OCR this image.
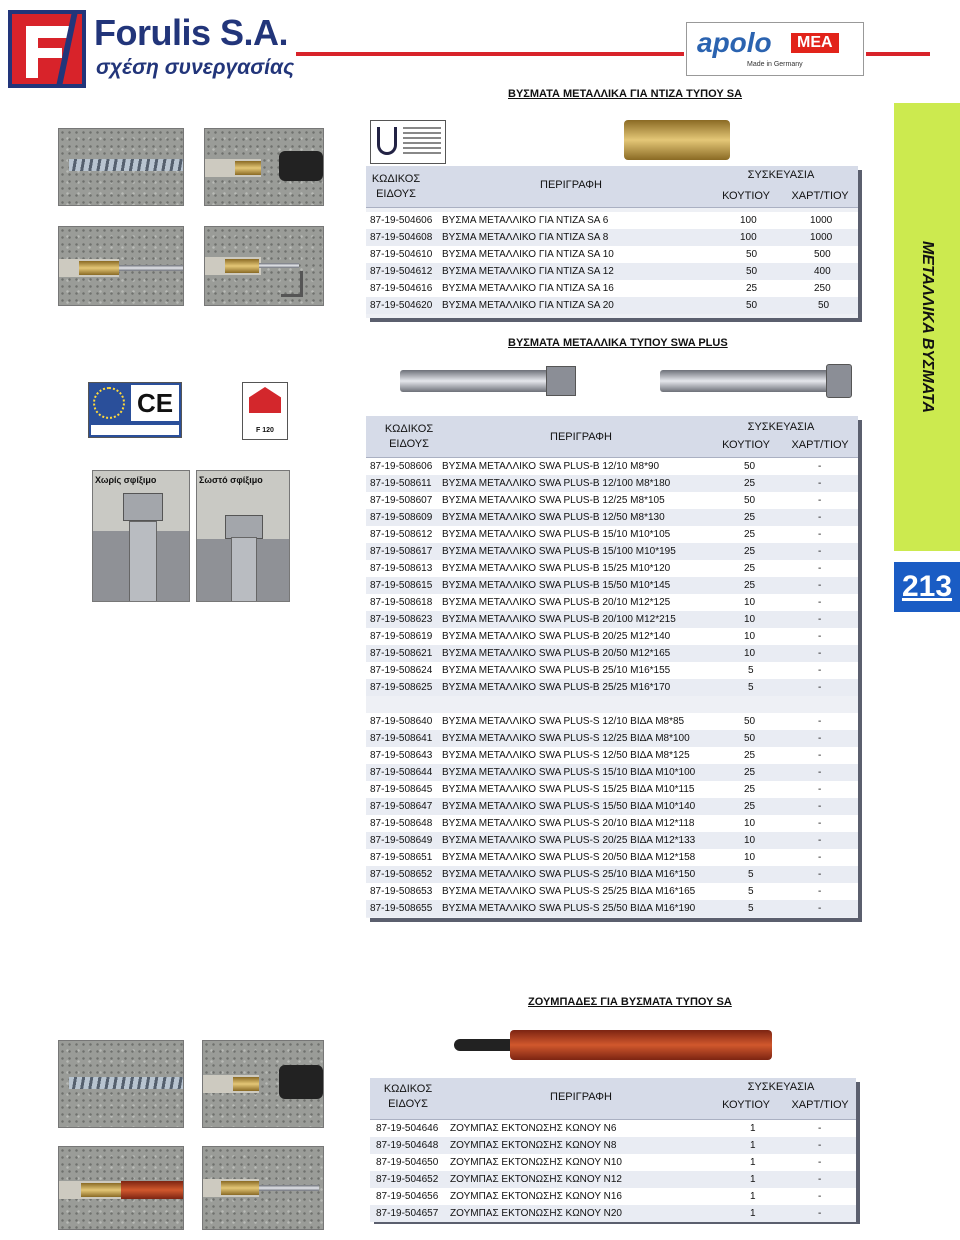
Forulis S.A.
σχέση συνεργασίας
apolo	MEA
Made in Germany
ΜΕΤΑΛΛΙΚΑ ΒΥΣΜΑΤΑ
213
ΒΥΣΜΑΤΑ ΜΕΤΑΛΛΙΚΑ ΓΙΑ ΝΤΙΖΑ ΤΥΠΟΥ SA
ΚΩΔΙΚΟΣ ΕΙΔΟΥΣ
ΠΕΡΙΓΡΑΦΗ
ΣΥΣΚΕΥΑΣΙΑ
ΚΟΥΤΙΟΥ	ΧΑΡΤ/ΤΙΟΥ
87-19-504606 ΒΥΣΜΑ ΜΕΤΑΛΛΙΚΟ ΓΙΑ ΝΤΙΖΑ SA 6	100	1000
87-19-504608 ΒΥΣΜΑ ΜΕΤΑΛΛΙΚΟ ΓΙΑ ΝΤΙΖΑ SA 8	100	1000
87-19-504610 ΒΥΣΜΑ ΜΕΤΑΛΛΙΚΟ ΓΙΑ ΝΤΙΖΑ SA 10	50	500
87-19-504612 ΒΥΣΜΑ ΜΕΤΑΛΛΙΚΟ ΓΙΑ ΝΤΙΖΑ SA 12	50	400
87-19-504616 ΒΥΣΜΑ ΜΕΤΑΛΛΙΚΟ ΓΙΑ ΝΤΙΖΑ SA 16	25	250
87-19-504620 ΒΥΣΜΑ ΜΕΤΑΛΛΙΚΟ ΓΙΑ ΝΤΙΖΑ SA 20	50	50
ΒΥΣΜΑΤΑ ΜΕΤΑΛΛΙΚΑ ΤΥΠΟΥ SWA PLUS
CE
F 120
Χωρίς σφίξιμο	Σωστό σφίξιμο
ΚΩΔΙΚΟΣ ΕΙΔΟΥΣ
ΠΕΡΙΓΡΑΦΗ
ΣΥΣΚΕΥΑΣΙΑ
ΚΟΥΤΙΟΥ	ΧΑΡΤ/ΤΙΟΥ
87-19-508606 ΒΥΣΜΑ ΜΕΤΑΛΛΙΚΟ SWA PLUS-B 12/10 M8*90	50	-
87-19-508611 ΒΥΣΜΑ ΜΕΤΑΛΛΙΚΟ SWA PLUS-B 12/100 M8*180	25	-
87-19-508607 ΒΥΣΜΑ ΜΕΤΑΛΛΙΚΟ SWA PLUS-B 12/25 M8*105	50	-
87-19-508609 ΒΥΣΜΑ ΜΕΤΑΛΛΙΚΟ SWA PLUS-B 12/50 M8*130	25	-
87-19-508612 ΒΥΣΜΑ ΜΕΤΑΛΛΙΚΟ SWA PLUS-B 15/10 M10*105	25	-
87-19-508617 ΒΥΣΜΑ ΜΕΤΑΛΛΙΚΟ SWA PLUS-B 15/100 M10*195	25	-
87-19-508613 ΒΥΣΜΑ ΜΕΤΑΛΛΙΚΟ SWA PLUS-B 15/25 M10*120	25	-
87-19-508615 ΒΥΣΜΑ ΜΕΤΑΛΛΙΚΟ SWA PLUS-B 15/50 M10*145	25	-
87-19-508618 ΒΥΣΜΑ ΜΕΤΑΛΛΙΚΟ SWA PLUS-B 20/10 M12*125	10	-
87-19-508623 ΒΥΣΜΑ ΜΕΤΑΛΛΙΚΟ SWA PLUS-B 20/100 M12*215	10	-
87-19-508619 ΒΥΣΜΑ ΜΕΤΑΛΛΙΚΟ SWA PLUS-B 20/25 M12*140	10	-
87-19-508621 ΒΥΣΜΑ ΜΕΤΑΛΛΙΚΟ SWA PLUS-B 20/50 M12*165	10	-
87-19-508624 ΒΥΣΜΑ ΜΕΤΑΛΛΙΚΟ SWA PLUS-B 25/10 M16*155	5	-
87-19-508625 ΒΥΣΜΑ ΜΕΤΑΛΛΙΚΟ SWA PLUS-B 25/25 M16*170	5	-
87-19-508640 ΒΥΣΜΑ ΜΕΤΑΛΛΙΚΟ SWA PLUS-S 12/10 ΒΙΔΑ M8*85	50	-
87-19-508641 ΒΥΣΜΑ ΜΕΤΑΛΛΙΚΟ SWA PLUS-S 12/25 ΒΙΔΑ M8*100	50	-
87-19-508643 ΒΥΣΜΑ ΜΕΤΑΛΛΙΚΟ SWA PLUS-S 12/50 ΒΙΔΑ M8*125	25	-
87-19-508644 ΒΥΣΜΑ ΜΕΤΑΛΛΙΚΟ SWA PLUS-S 15/10 ΒΙΔΑ M10*100	25	-
87-19-508645 ΒΥΣΜΑ ΜΕΤΑΛΛΙΚΟ SWA PLUS-S 15/25 ΒΙΔΑ M10*115	25	-
87-19-508647 ΒΥΣΜΑ ΜΕΤΑΛΛΙΚΟ SWA PLUS-S 15/50 ΒΙΔΑ M10*140	25	-
87-19-508648 ΒΥΣΜΑ ΜΕΤΑΛΛΙΚΟ SWA PLUS-S 20/10 ΒΙΔΑ M12*118	10	-
87-19-508649 ΒΥΣΜΑ ΜΕΤΑΛΛΙΚΟ SWA PLUS-S 20/25 ΒΙΔΑ M12*133	10	-
87-19-508651 ΒΥΣΜΑ ΜΕΤΑΛΛΙΚΟ SWA PLUS-S 20/50 ΒΙΔΑ M12*158	10	-
87-19-508652 ΒΥΣΜΑ ΜΕΤΑΛΛΙΚΟ SWA PLUS-S 25/10 ΒΙΔΑ M16*150	5	-
87-19-508653 ΒΥΣΜΑ ΜΕΤΑΛΛΙΚΟ SWA PLUS-S 25/25 ΒΙΔΑ M16*165	5	-
87-19-508655 ΒΥΣΜΑ ΜΕΤΑΛΛΙΚΟ SWA PLUS-S 25/50 ΒΙΔΑ M16*190	5	-
ΖΟΥΜΠΑΔΕΣ ΓΙΑ ΒΥΣΜΑΤΑ ΤΥΠΟΥ SA
ΚΩΔΙΚΟΣ ΕΙΔΟΥΣ
ΠΕΡΙΓΡΑΦΗ
ΣΥΣΚΕΥΑΣΙΑ
ΚΟΥΤΙΟΥ	ΧΑΡΤ/ΤΙΟΥ
87-19-504646 ΖΟΥΜΠΑΣ ΕΚΤΟΝΩΣΗΣ ΚΩΝΟΥ N6	1	-
87-19-504648 ΖΟΥΜΠΑΣ ΕΚΤΟΝΩΣΗΣ ΚΩΝΟΥ N8	1	-
87-19-504650 ΖΟΥΜΠΑΣ ΕΚΤΟΝΩΣΗΣ ΚΩΝΟΥ N10	1	-
87-19-504652 ΖΟΥΜΠΑΣ ΕΚΤΟΝΩΣΗΣ ΚΩΝΟΥ N12	1	-
87-19-504656 ΖΟΥΜΠΑΣ ΕΚΤΟΝΩΣΗΣ ΚΩΝΟΥ N16	1	-
87-19-504657 ΖΟΥΜΠΑΣ ΕΚΤΟΝΩΣΗΣ ΚΩΝΟΥ N20	1	-
